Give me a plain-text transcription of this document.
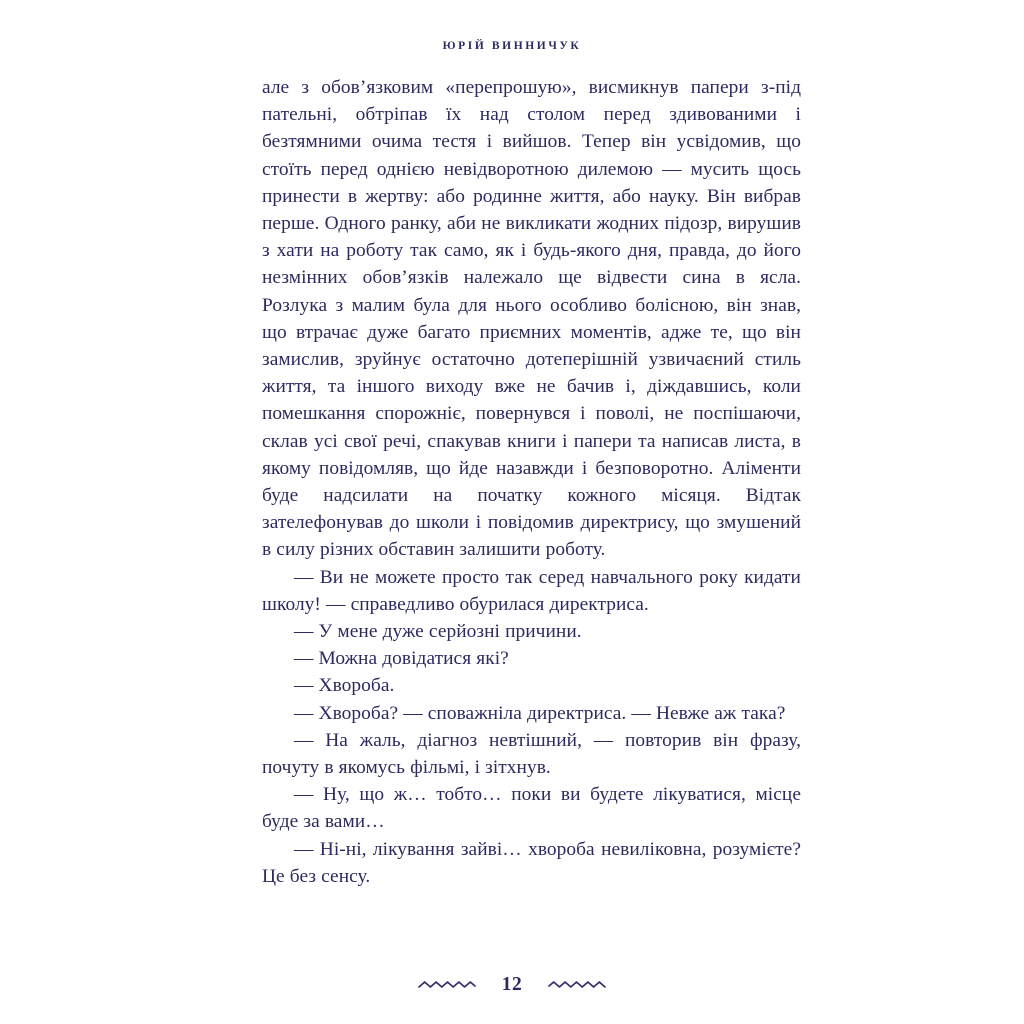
ЮРІЙ ВИННИЧУК

але з обов’язковим «перепрошую», висмикнув папери з-під пательні, обтріпав їх над столом перед здивованими і безтямними очима тестя і вийшов. Тепер він усвідомив, що стоїть перед однією невідворотною дилемою — мусить щось принести в жертву: або родинне життя, або науку. Він вибрав перше. Одного ранку, аби не викликати жодних підозр, вирушив з хати на роботу так само, як і будь-якого дня, правда, до його незмінних обов’язків належало ще відвести сина в ясла. Розлука з малим була для нього особливо болісною, він знав, що втрачає дуже багато приємних моментів, адже те, що він замислив, зруйнує остаточно дотеперішній узвичаєний стиль життя, та іншого виходу вже не бачив і, діждавшись, коли помешкання спорожніє, повернувся і поволі, не поспішаючи, склав усі свої речі, спакував книги і папери та написав листа, в якому повідомляв, що йде назавжди і безповоротно. Аліменти буде надсилати на початку кожного місяця. Відтак зателефонував до школи і повідомив директрису, що змушений в силу різних обставин залишити роботу.

— Ви не можете просто так серед навчального року кидати школу! — справедливо обурилася директриса.

— У мене дуже серйозні причини.

— Можна довідатися які?

— Хвороба.

— Хвороба? — споважніла директриса. — Невже аж така?

— На жаль, діагноз невтішний, — повторив він фразу, почуту в якомусь фільмі, і зітхнув.

— Ну, що ж… тобто… поки ви будете лікуватися, місце буде за вами…

— Ні-ні, лікування зайві… хвороба невиліковна, розумієте? Це без сенсу.

12
